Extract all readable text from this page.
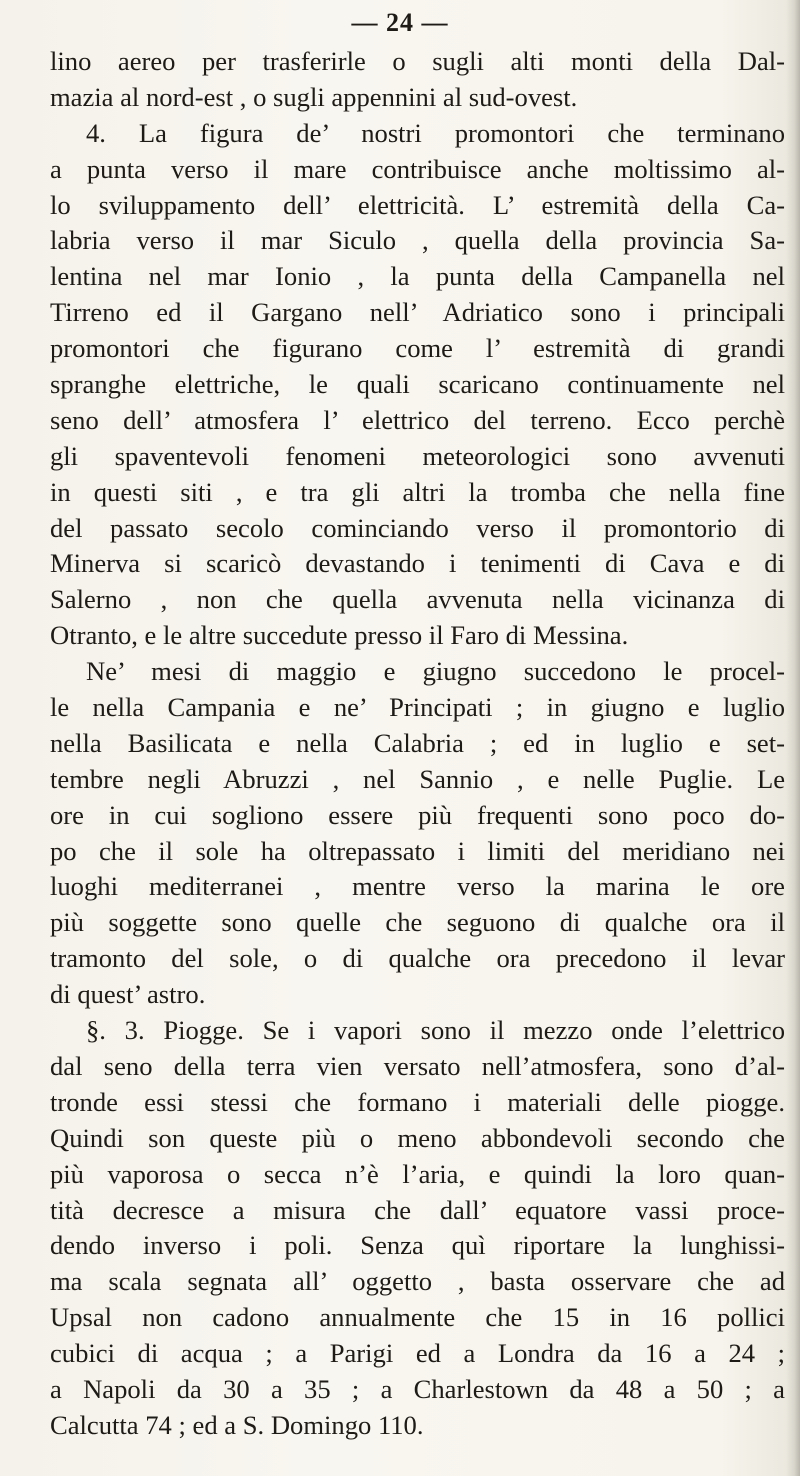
— 24 —
lino aereo per trasferirle o sugli alti monti della Dal-
mazia al nord-est , o sugli appennini al sud-ovest.
4. La figura de’ nostri promontori che terminano
a punta verso il mare contribuisce anche moltissimo al-
lo sviluppamento dell’ elettricità. L’ estremità della Ca-
labria verso il mar Siculo , quella della provincia Sa-
lentina nel mar Ionio , la punta della Campanella nel
Tirreno ed il Gargano nell’ Adriatico sono i principali
promontori che figurano come l’ estremità di grandi
spranghe elettriche, le quali scaricano continuamente nel
seno dell’ atmosfera l’ elettrico del terreno. Ecco perchè
gli spaventevoli fenomeni meteorologici sono avvenuti
in questi siti , e tra gli altri la tromba che nella fine
del passato secolo cominciando verso il promontorio di
Minerva si scaricò devastando i tenimenti di Cava e di
Salerno , non che quella avvenuta nella vicinanza di
Otranto, e le altre succedute presso il Faro di Messina.
Ne’ mesi di maggio e giugno succedono le procel-
le nella Campania e ne’ Principati ; in giugno e luglio
nella Basilicata e nella Calabria ; ed in luglio e set-
tembre negli Abruzzi , nel Sannio , e nelle Puglie. Le
ore in cui sogliono essere più frequenti sono poco do-
po che il sole ha oltrepassato i limiti del meridiano nei
luoghi mediterranei , mentre verso la marina le ore
più soggette sono quelle che seguono di qualche ora il
tramonto del sole, o di qualche ora precedono il levar
di quest’ astro.
§. 3. Piogge. Se i vapori sono il mezzo onde l’elettrico
dal seno della terra vien versato nell’atmosfera, sono d’al-
tronde essi stessi che formano i materiali delle piogge.
Quindi son queste più o meno abbondevoli secondo che
più vaporosa o secca n’è l’aria, e quindi la loro quan-
tità decresce a misura che dall’ equatore vassi proce-
dendo inverso i poli. Senza quì riportare la lunghissi-
ma scala segnata all’ oggetto , basta osservare che ad
Upsal non cadono annualmente che 15 in 16 pollici
cubici di acqua ; a Parigi ed a Londra da 16 a 24 ;
a Napoli da 30 a 35 ; a Charlestown da 48 a 50 ; a
Calcutta 74 ; ed a S. Domingo 110.
